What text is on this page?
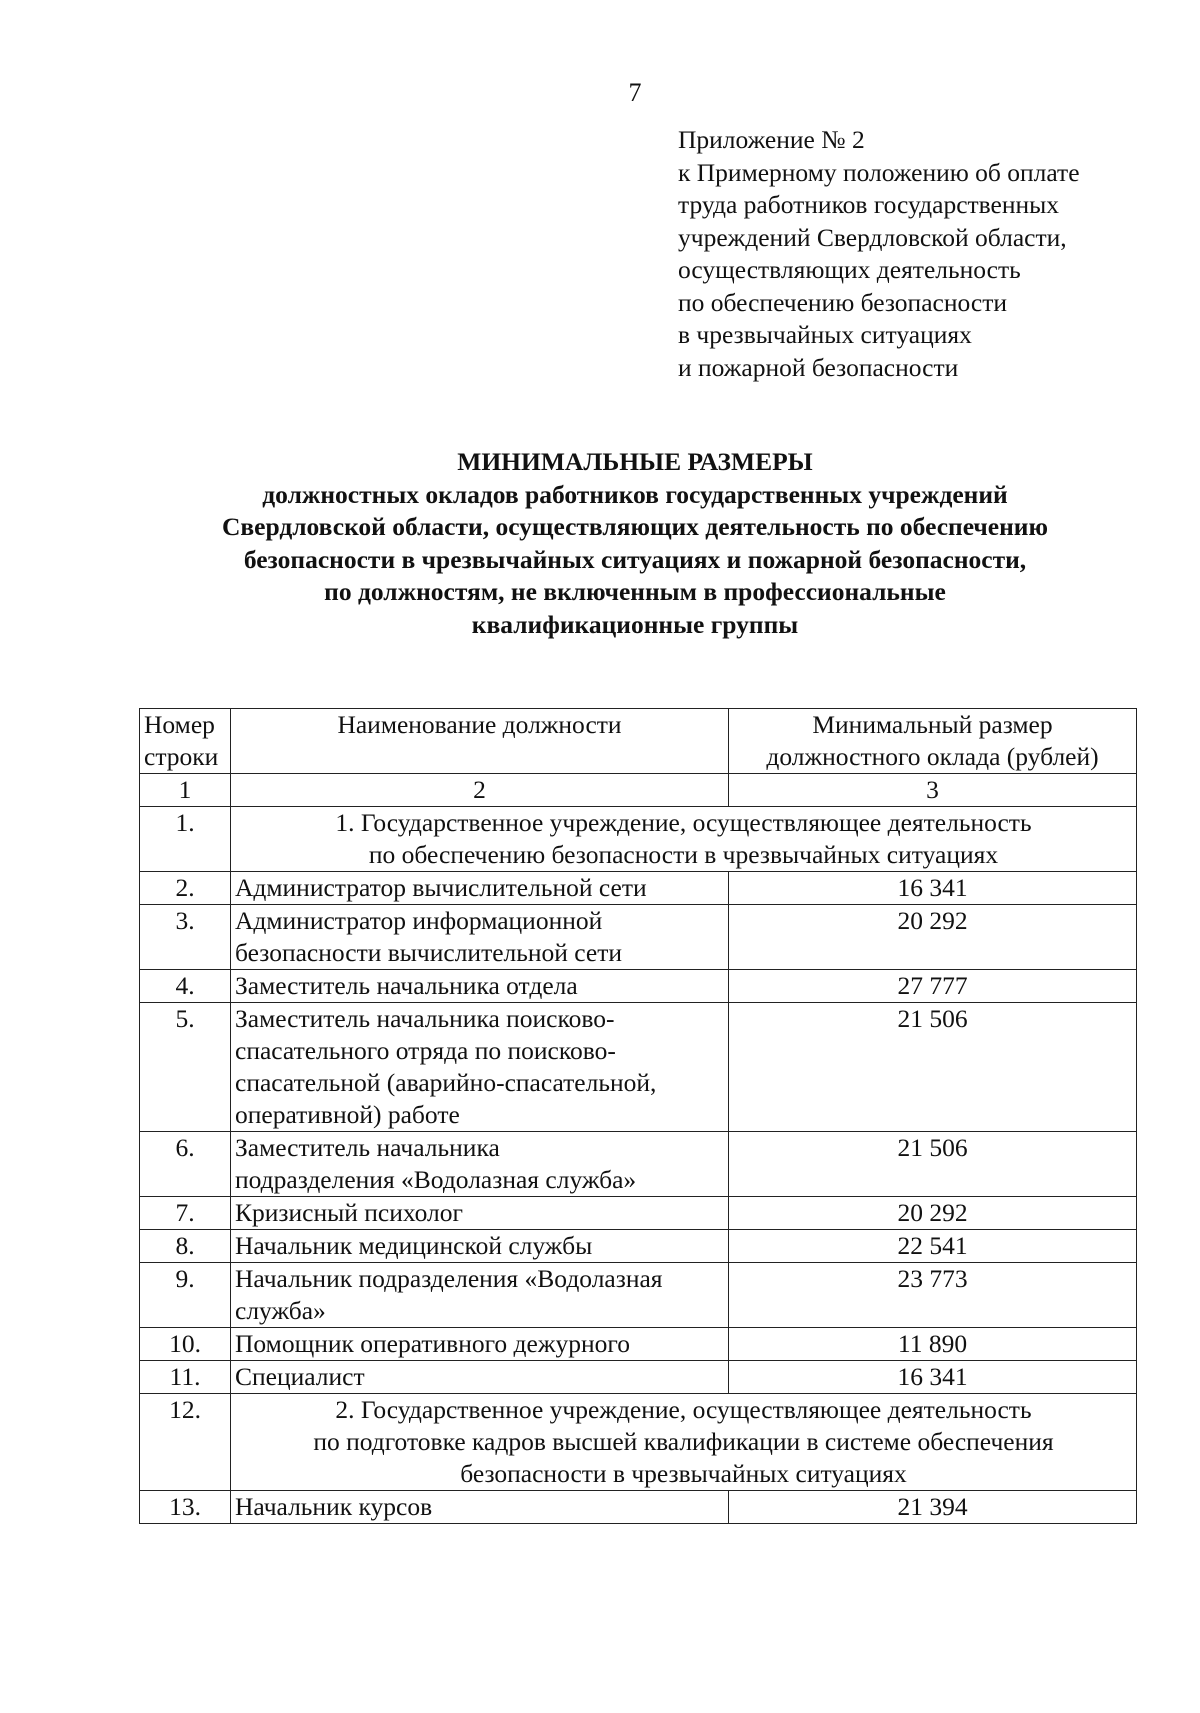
7
Приложение № 2
к Примерному положению об оплате
труда работников государственных
учреждений Свердловской области,
осуществляющих деятельность
по обеспечению безопасности
в чрезвычайных ситуациях
и пожарной безопасности
МИНИМАЛЬНЫЕ РАЗМЕРЫ
должностных окладов работников государственных учреждений
Свердловской области, осуществляющих деятельность по обеспечению
безопасности в чрезвычайных ситуациях и пожарной безопасности,
по должностям, не включенным в профессиональные
квалификационные группы
Номер
строки	Наименование должности	Минимальный размер
должностного оклада (рублей)

1	2	3
1.	1. Государственное учреждение, осуществляющее деятельность
по обеспечению безопасности в чрезвычайных ситуациях	

2.	Администратор вычислительной сети	16 341
3.	Администратор информационной
безопасности вычислительной сети	20 292
4.	Заместитель начальника отдела	27 777
5.	Заместитель начальника поисково-
спасательного отряда по поисково-
спасательной (аварийно-спасательной,
оперативной) работе	21 506
6.	Заместитель начальника
подразделения «Водолазная служба»	21 506
7.	Кризисный психолог	20 292
8.	Начальник медицинской службы	22 541
9.	Начальник подразделения «Водолазная
служба»	23 773
10.	Помощник оперативного дежурного	11 890
11.	Специалист	16 341
12.	2. Государственное учреждение, осуществляющее деятельность
по подготовке кадров высшей квалификации в системе обеспечения
безопасности в чрезвычайных ситуациях	

13.	Начальник курсов	21 394
